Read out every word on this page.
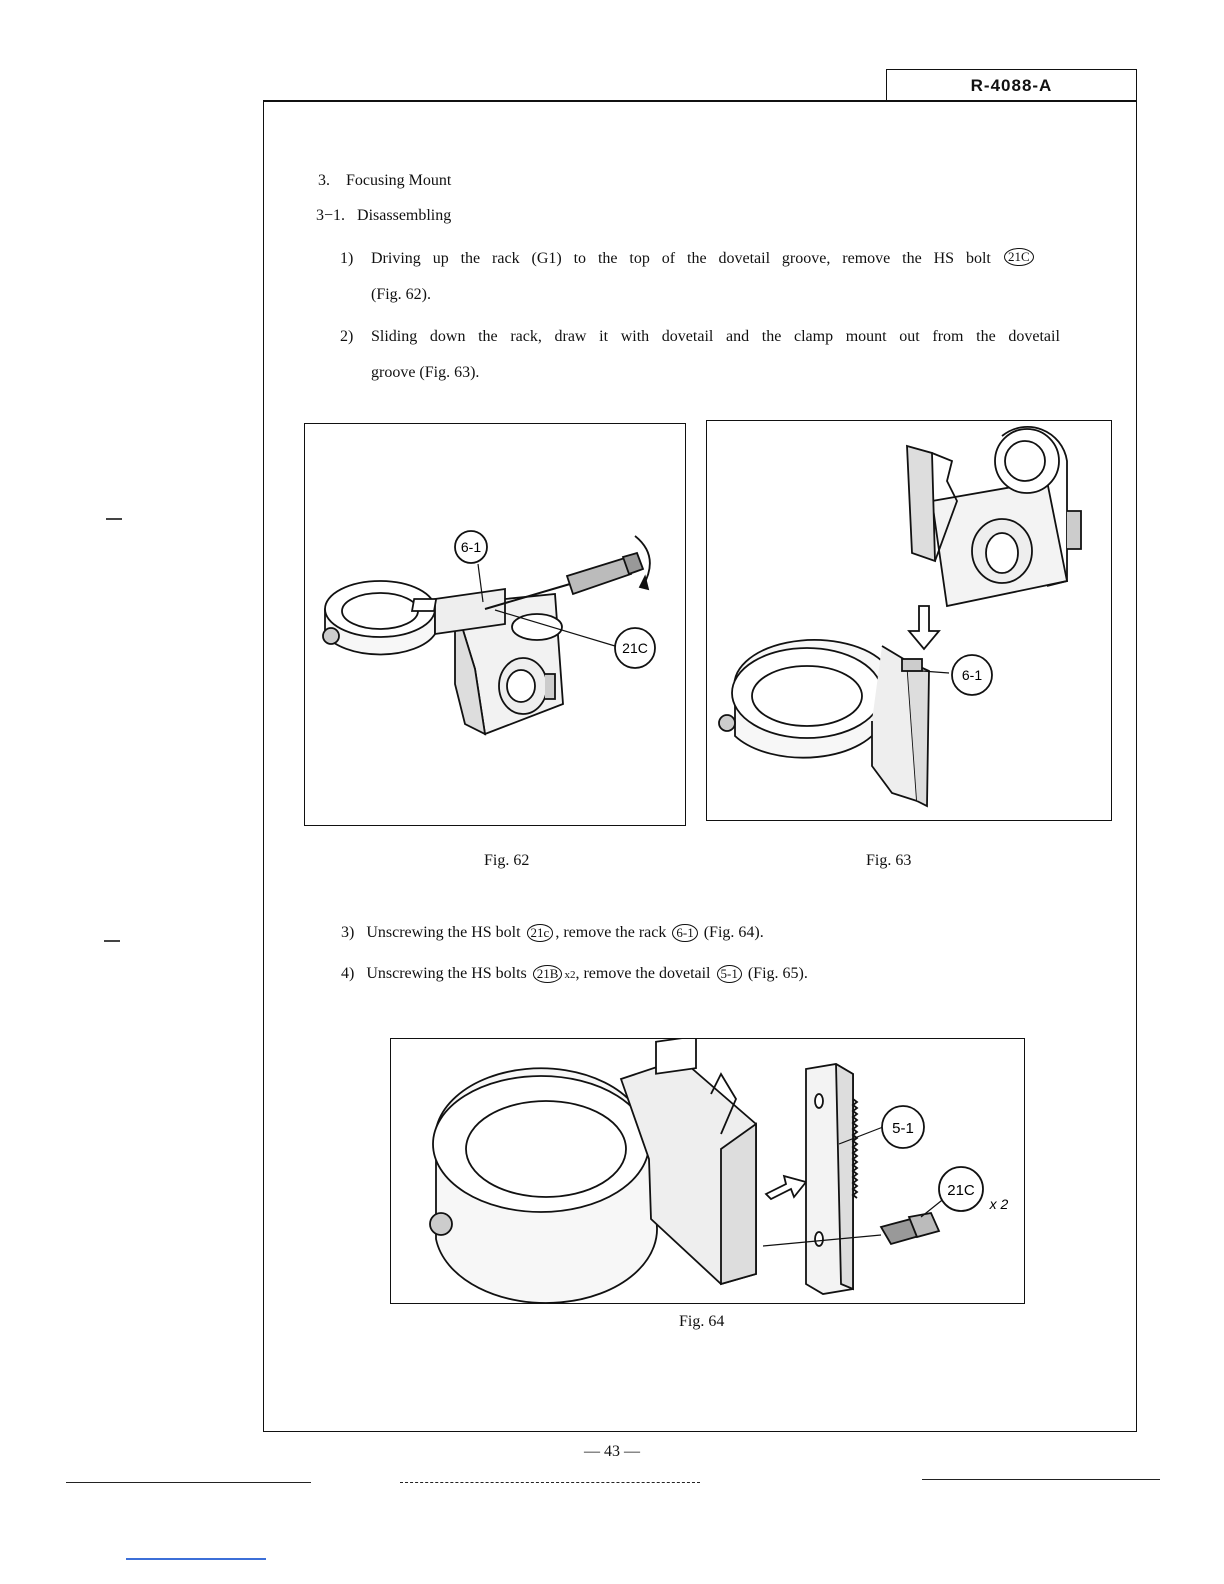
R-4088-A
3. Focusing Mount
3−1. Disassembling
1) Driving up the rack (G1) to the top of the dovetail groove, remove the HS bolt	21C
(Fig. 62).
2) Sliding down the rack, draw it with dovetail and the clamp mount out from the dovetail
groove (Fig. 63).
6-1
21C
Fig. 62
6-1
Fig. 63
3) Unscrewing the HS bolt 21c , remove the rack 6-1 (Fig. 64).
4) Unscrewing the HS bolts 21B x2, remove the dovetail 5-1 (Fig. 65).
5-1
21C
x 2
Fig. 64
— 43 —
